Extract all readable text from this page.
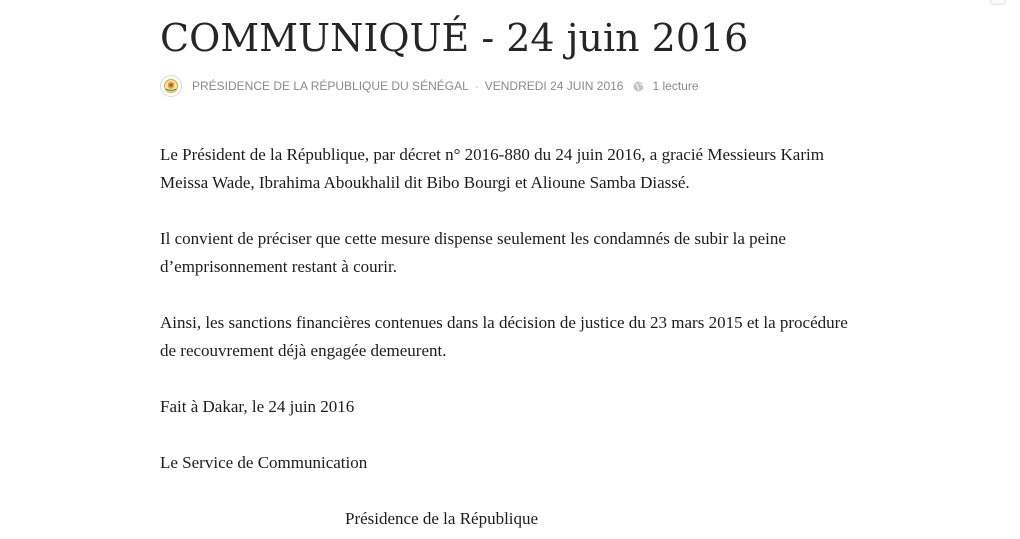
COMMUNIQUÉ - 24 juin 2016
PRÉSIDENCE DE LA RÉPUBLIQUE DU SÉNÉGAL · VENDREDI 24 JUIN 2016 1 lecture

Le Président de la République, par décret n° 2016-880 du 24 juin 2016, a gracié Messieurs Karim Meissa Wade, Ibrahima Aboukhalil dit Bibo Bourgi et Alioune Samba Diassé.

Il convient de préciser que cette mesure dispense seulement les condamnés de subir la peine d’emprisonnement restant à courir.

Ainsi, les sanctions financières contenues dans la décision de justice du 23 mars 2015 et la procédure de recouvrement déjà engagée demeurent.

Fait à Dakar, le 24 juin 2016

Le Service de Communication

Présidence de la République
